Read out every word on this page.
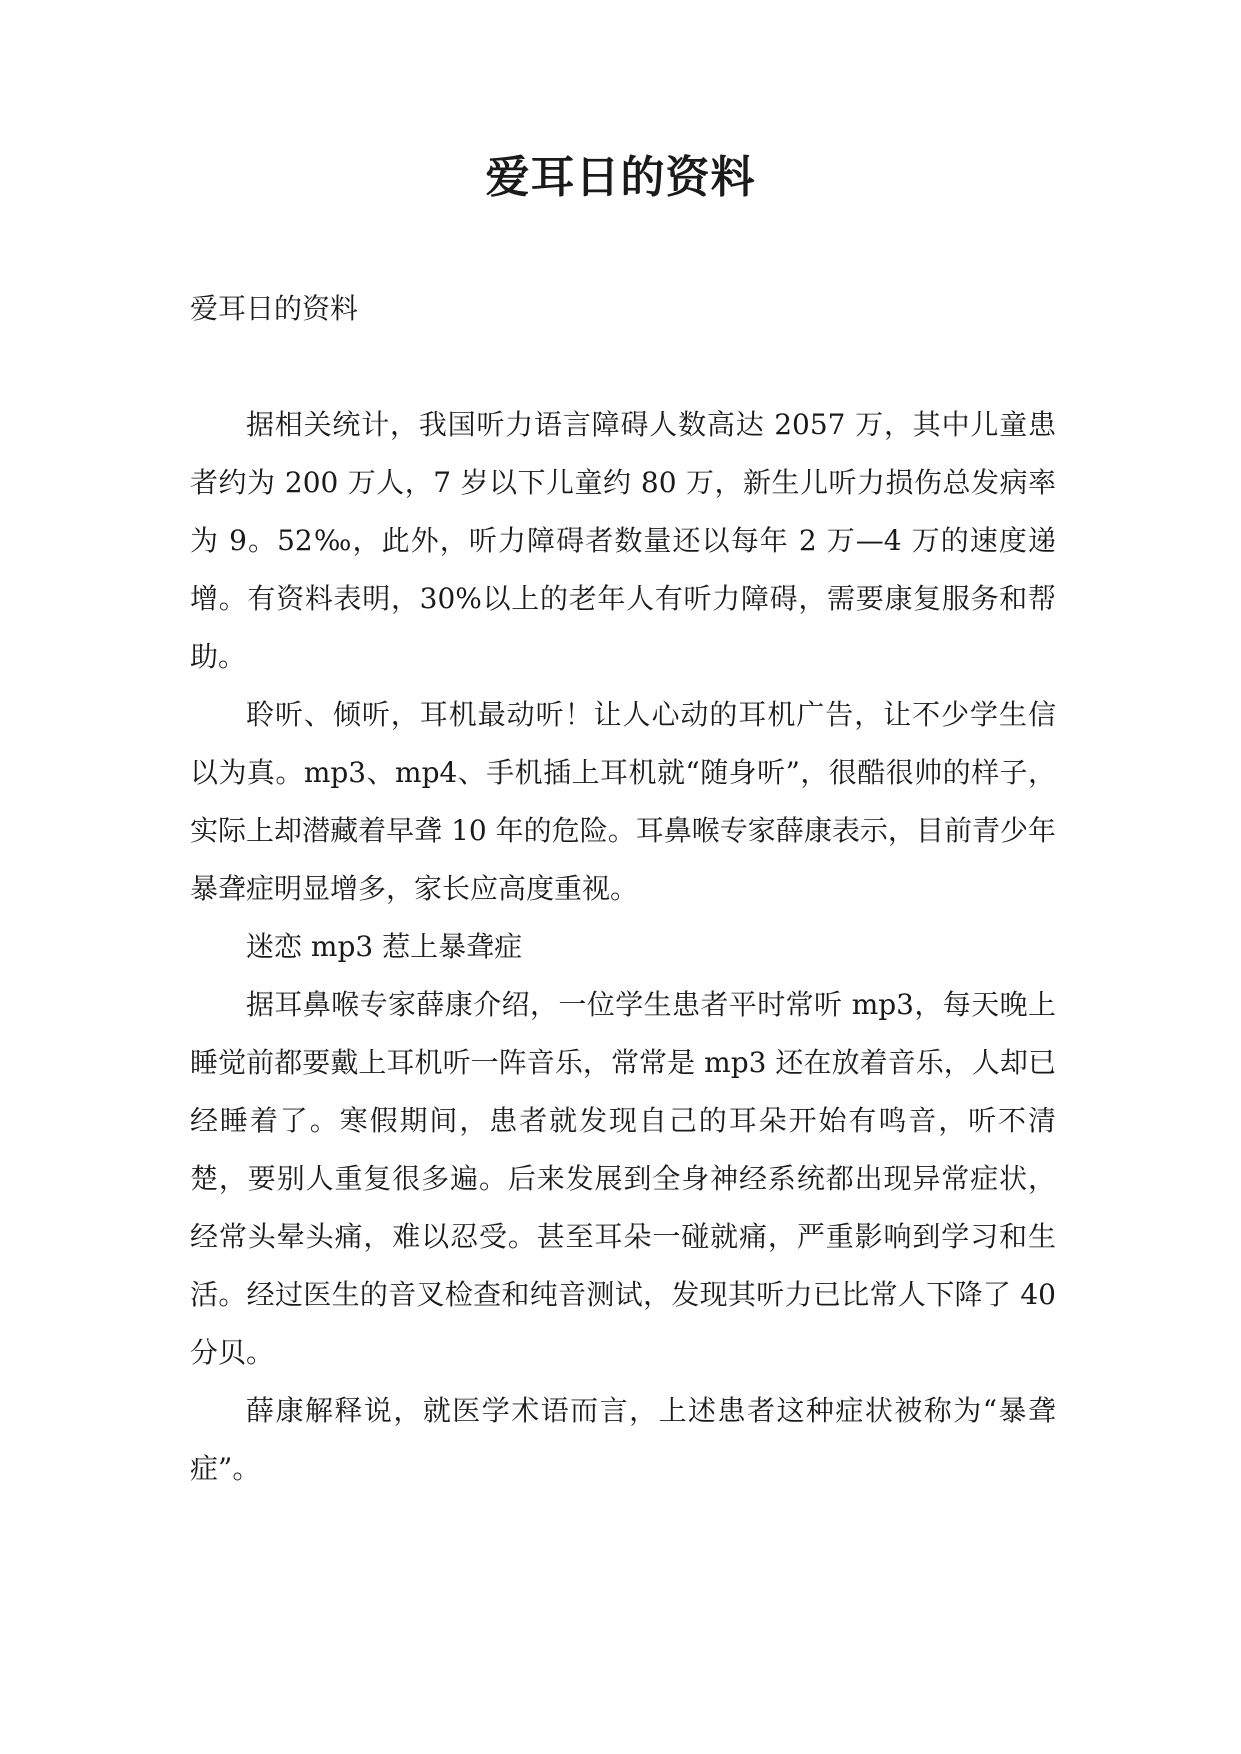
爱耳日的资料

爱耳日的资料

据相关统计，我国听力语言障碍人数高达 2057 万，其中儿童患者约为 200 万人，7 岁以下儿童约 80 万，新生儿听力损伤总发病率为 9。52‰，此外，听力障碍者数量还以每年 2 万—4 万的速度递增。有资料表明，30%以上的老年人有听力障碍，需要康复服务和帮助。

聆听、倾听，耳机最动听！让人心动的耳机广告，让不少学生信以为真。mp3、mp4、手机插上耳机就“随身听”，很酷很帅的样子，实际上却潜藏着早聋 10 年的危险。耳鼻喉专家薛康表示，目前青少年暴聋症明显增多，家长应高度重视。

迷恋 mp3 惹上暴聋症

据耳鼻喉专家薛康介绍，一位学生患者平时常听 mp3，每天晚上睡觉前都要戴上耳机听一阵音乐，常常是 mp3 还在放着音乐，人却已经睡着了。寒假期间，患者就发现自己的耳朵开始有鸣音，听不清楚，要别人重复很多遍。后来发展到全身神经系统都出现异常症状，经常头晕头痛，难以忍受。甚至耳朵一碰就痛，严重影响到学习和生活。经过医生的音叉检查和纯音测试，发现其听力已比常人下降了 40 分贝。

薛康解释说，就医学术语而言，上述患者这种症状被称为“暴聋症”。
